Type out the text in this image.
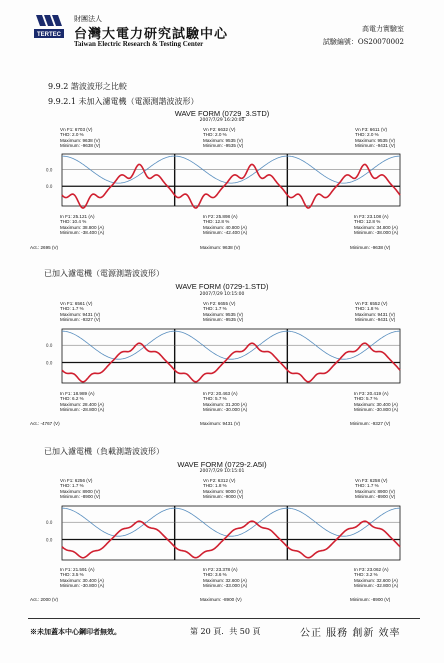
TERTEC
財團法人
台灣大電力研究試驗中心
Taiwan Electric Research & Testing Center
高電力實驗室
試驗編號：OS20070002
9.9.2 諧波波形之比較
9.9.2.1 未加入濾電機（電源測諧波波形）
WAVE FORM (0729_3.STD)
2007/7/29 16:20:00
Vn F1: 6703 (V)
THD: 2.0 %
Maximum: 9638 (V)
Minimum: -9638 (V)
Vn F2: 6632 (V)
THD: 2.0 %
Maximum: 9535 (V)
Minimum: -9535 (V)
Vn F3: 6611 (V)
THD: 2.0 %
Maximum: 9535 (V)
Minimum: -9431 (V)
0.0
0.0
In F1: 25.121 (A)
THD: 10.4 %
Maximum: 38.800 (A)
Minimum: -38.400 (A)
In F2: 25.898 (A)
THD: 12.8 %
Maximum: 40.800 (A)
Minimum: -42.400 (A)
In F3: 23.108 (A)
THD: 12.8 %
Maximum: 34.800 (A)
Minimum: -38.000 (A)
Act.: 2695 (V)	Maximum: 9638 (V)	Minimum: -9638 (V)
已加入濾電機（電源測諧波波形）
WAVE FORM (0729-1.STD)
2007/7/29 10:15:00
Vn F1: 6561 (V)
THD: 1.7 %
Maximum: 9431 (V)
Minimum: -9327 (V)
Vn F2: 6655 (V)
THD: 1.7 %
Maximum: 9535 (V)
Minimum: -9535 (V)
Vn F3: 6552 (V)
THD: 1.8 %
Maximum: 9431 (V)
Minimum: -9431 (V)
0.0
0.0
In F1: 18.989 (A)
THD: 6.2 %
Maximum: 28.400 (A)
Minimum: -28.800 (A)
In F2: 20.463 (A)
THD: 5.7 %
Maximum: 31.200 (A)
Minimum: -30.000 (A)
In F3: 20.419 (A)
THD: 5.7 %
Maximum: 30.400 (A)
Minimum: -30.800 (A)
Act.: -4767 (V)	Maximum: 9431 (V)	Minimum: -9327 (V)
已加入濾電機（負載測諧波波形）
WAVE FORM (0729-2.A5I)
2007/7/29 10:15:01
Vn F1: 6256 (V)
THD: 1.7 %
Maximum: 8900 (V)
Minimum: -8900 (V)
Vn F2: 6312 (V)
THD: 1.8 %
Maximum: 9000 (V)
Minimum: -9000 (V)
Vn F3: 6258 (V)
THD: 1.7 %
Maximum: 8900 (V)
Minimum: -8900 (V)
0.0
0.0
In F1: 21.591 (A)
THD: 3.5 %
Maximum: 30.400 (A)
Minimum: -30.800 (A)
In F2: 23.378 (A)
THD: 3.6 %
Maximum: 32.600 (A)
Minimum: -33.000 (A)
In F3: 23.062 (A)
THD: 3.2 %
Maximum: 32.600 (A)
Minimum: -32.800 (A)
Act.: 2000 (V)	Maximum: -8900 (V)	Minimum: -8900 (V)
※未加蓋本中心鋼印者無效。	第 20 頁．共 50 頁	公正 服務 創新 效率
